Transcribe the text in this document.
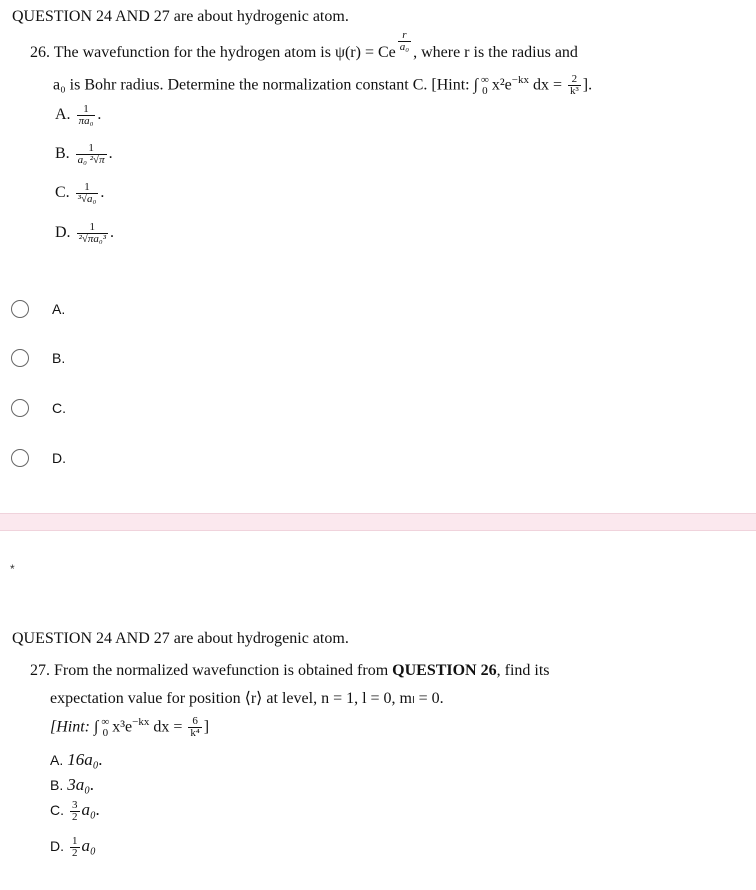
QUESTION 24 AND 27 are about hydrogenic atom.
26. The wavefunction for the hydrogen atom is ψ(r) = Ce $\frac{r}{\text{a₀}}$ , where r is the radius and
a₀ is Bohr radius. Determine the normalization constant C. [Hint: ∫ ∞
0 $x^2e^{-kx}$ dx = $\frac{2}{\text{k³}}$ ].
A. $\frac{1}{\text{πa₀}}$ .
B. $\frac{1}{\text{a₀ ²√π}}$ .
C. $\frac{1}{\text{³√a₀}}$ .
D. $\frac{1}{\text{²√πa₀³}}$ .
A.
B.
C.
D.
*
QUESTION 24 AND 27 are about hydrogenic atom.
27. From the normalized wavefunction is obtained from QUESTION 26, find its
expectation value for position ⟨r⟩ at level, n = 1, l = 0, mₗ = 0.
[Hint: ∫ ∞
0 $x^3e^{-kx}$ dx = $\frac{6}{\text{k⁴}}$ ]
A. 16a₀.
B. 3a₀.
C. $\frac{3}{2} a_0$.
D. $\frac{1}{2} a_0$
